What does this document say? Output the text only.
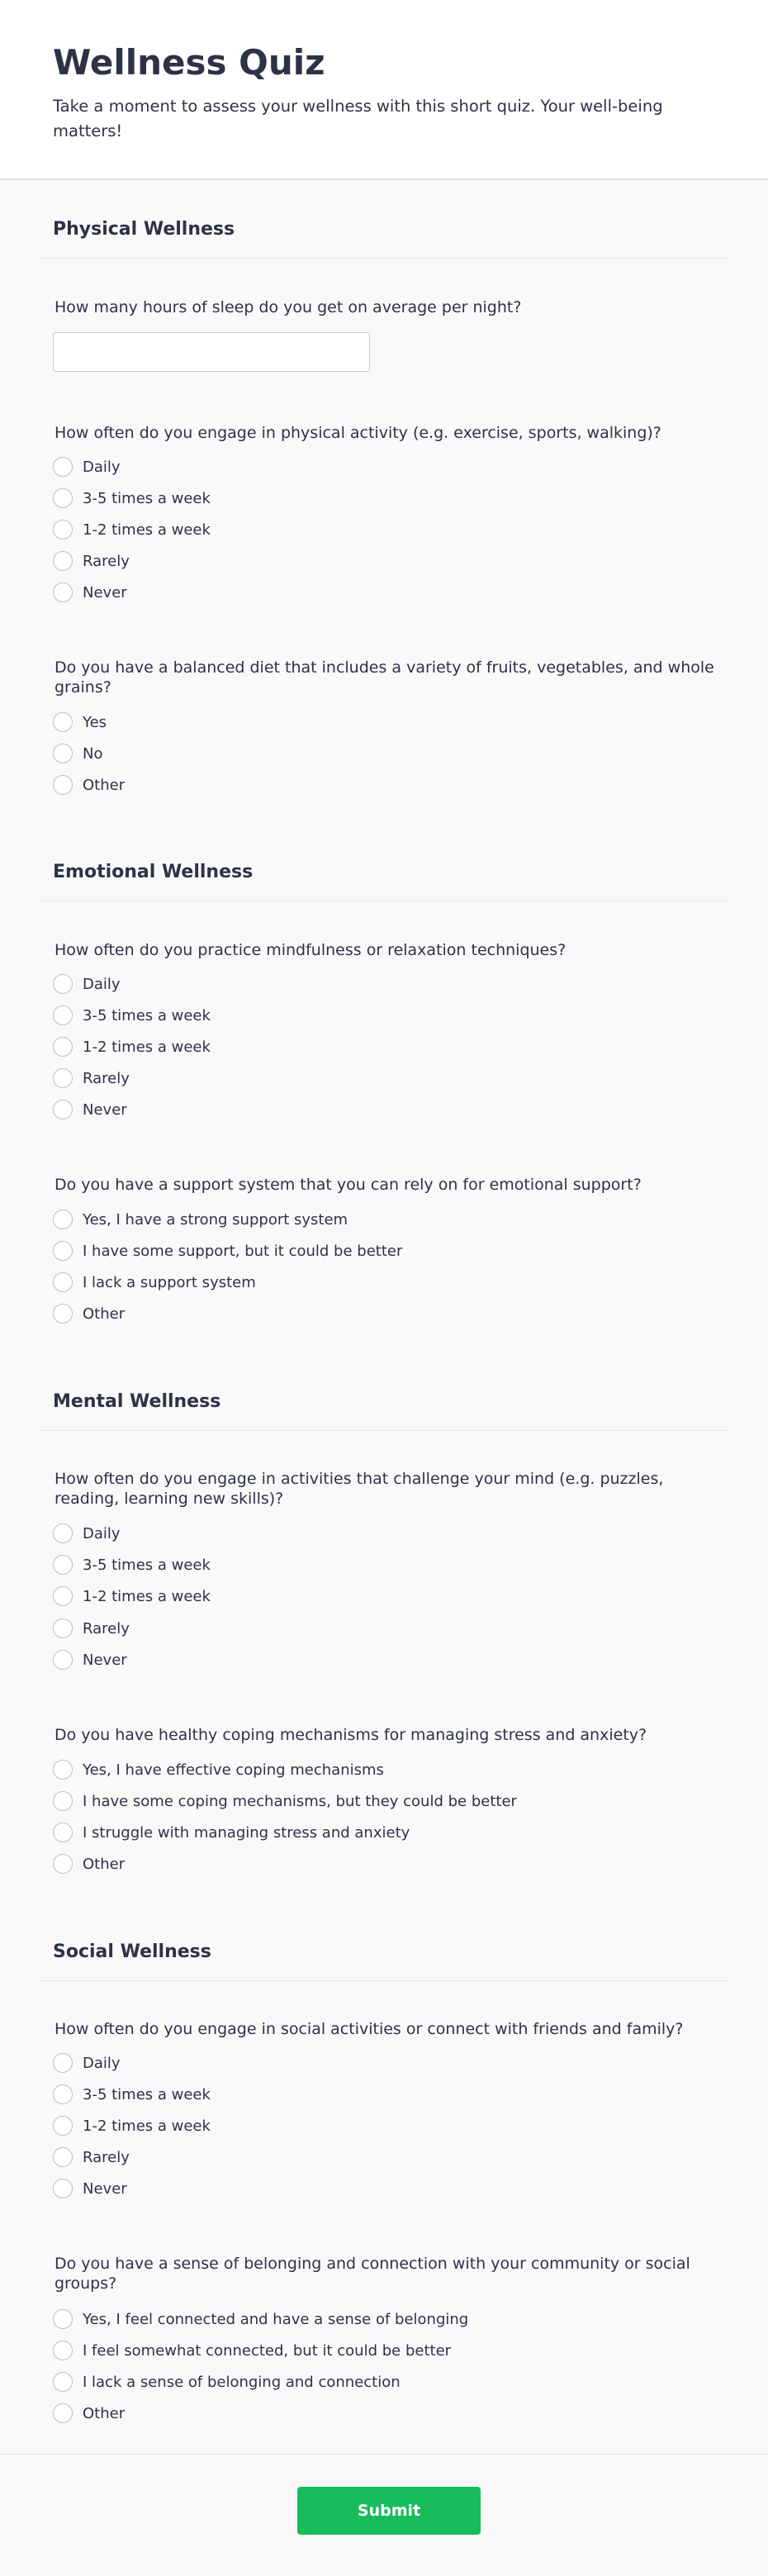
Wellness Quiz

Take a moment to assess your wellness with this short quiz. Your well-being matters!

Physical Wellness
How many hours of sleep do you get on average per night?
How often do you engage in physical activity (e.g. exercise, sports, walking)?
Daily
3-5 times a week
1-2 times a week
Rarely
Never
Do you have a balanced diet that includes a variety of fruits, vegetables, and whole grains?
Yes
No
Other
Emotional Wellness
How often do you practice mindfulness or relaxation techniques?
Daily
3-5 times a week
1-2 times a week
Rarely
Never
Do you have a support system that you can rely on for emotional support?
Yes, I have a strong support system
I have some support, but it could be better
I lack a support system
Other
Mental Wellness
How often do you engage in activities that challenge your mind (e.g. puzzles, reading, learning new skills)?
Daily
3-5 times a week
1-2 times a week
Rarely
Never
Do you have healthy coping mechanisms for managing stress and anxiety?
Yes, I have effective coping mechanisms
I have some coping mechanisms, but they could be better
I struggle with managing stress and anxiety
Other
Social Wellness
How often do you engage in social activities or connect with friends and family?
Daily
3-5 times a week
1-2 times a week
Rarely
Never
Do you have a sense of belonging and connection with your community or social groups?
Yes, I feel connected and have a sense of belonging
I feel somewhat connected, but it could be better
I lack a sense of belonging and connection
Other
Submit
